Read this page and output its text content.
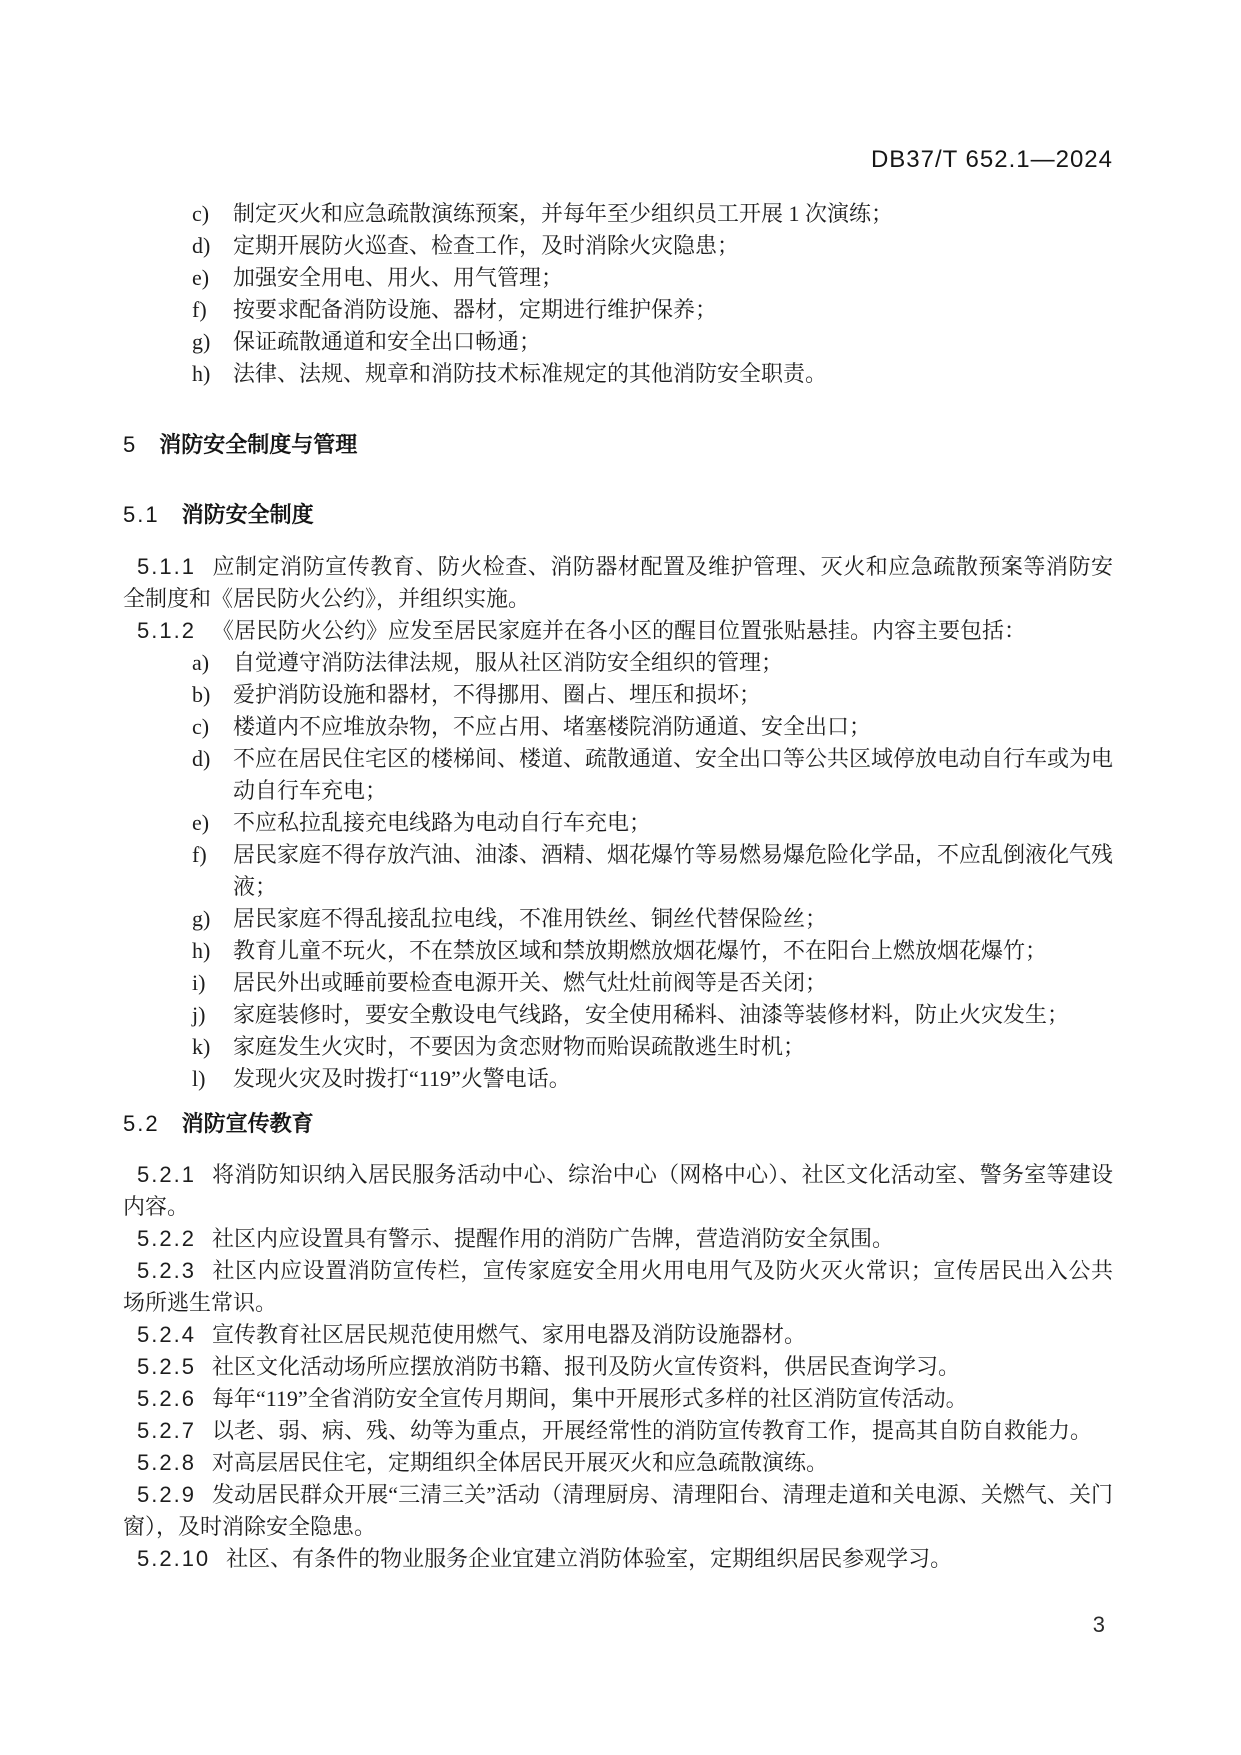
DB37/T 652.1—2024
c)	制定灭火和应急疏散演练预案，并每年至少组织员工开展 1 次演练；
d)	定期开展防火巡查、检查工作，及时消除火灾隐患；
e)	加强安全用电、用火、用气管理；
f)	按要求配备消防设施、器材，定期进行维护保养；
g)	保证疏散通道和安全出口畅通；
h)	法律、法规、规章和消防技术标准规定的其他消防安全职责。
5 消防安全制度与管理
5.1 消防安全制度

5.1.1 应制定消防宣传教育、防火检查、消防器材配置及维护管理、灭火和应急疏散预案等消防安全制度和《居民防火公约》，并组织实施。

5.1.2 《居民防火公约》应发至居民家庭并在各小区的醒目位置张贴悬挂。内容主要包括：

a)	自觉遵守消防法律法规，服从社区消防安全组织的管理；
b)	爱护消防设施和器材，不得挪用、圈占、埋压和损坏；
c)	楼道内不应堆放杂物，不应占用、堵塞楼院消防通道、安全出口；
d)	不应在居民住宅区的楼梯间、楼道、疏散通道、安全出口等公共区域停放电动自行车或为电动自行车充电；
e)	不应私拉乱接充电线路为电动自行车充电；
f)	居民家庭不得存放汽油、油漆、酒精、烟花爆竹等易燃易爆危险化学品，不应乱倒液化气残液；
g)	居民家庭不得乱接乱拉电线，不准用铁丝、铜丝代替保险丝；
h)	教育儿童不玩火，不在禁放区域和禁放期燃放烟花爆竹，不在阳台上燃放烟花爆竹；
i)	居民外出或睡前要检查电源开关、燃气灶灶前阀等是否关闭；
j)	家庭装修时，要安全敷设电气线路，安全使用稀料、油漆等装修材料，防止火灾发生；
k)	家庭发生火灾时，不要因为贪恋财物而贻误疏散逃生时机；
l)	发现火灾及时拨打“119”火警电话。
5.2 消防宣传教育

5.2.1 将消防知识纳入居民服务活动中心、综治中心（网格中心）、社区文化活动室、警务室等建设内容。

5.2.2 社区内应设置具有警示、提醒作用的消防广告牌，营造消防安全氛围。

5.2.3 社区内应设置消防宣传栏，宣传家庭安全用火用电用气及防火灭火常识；宣传居民出入公共场所逃生常识。

5.2.4 宣传教育社区居民规范使用燃气、家用电器及消防设施器材。

5.2.5 社区文化活动场所应摆放消防书籍、报刊及防火宣传资料，供居民查询学习。

5.2.6 每年“119”全省消防安全宣传月期间，集中开展形式多样的社区消防宣传活动。

5.2.7 以老、弱、病、残、幼等为重点，开展经常性的消防宣传教育工作，提高其自防自救能力。

5.2.8 对高层居民住宅，定期组织全体居民开展灭火和应急疏散演练。

5.2.9 发动居民群众开展“三清三关”活动（清理厨房、清理阳台、清理走道和关电源、关燃气、关门窗），及时消除安全隐患。

5.2.10 社区、有条件的物业服务企业宜建立消防体验室，定期组织居民参观学习。

3
